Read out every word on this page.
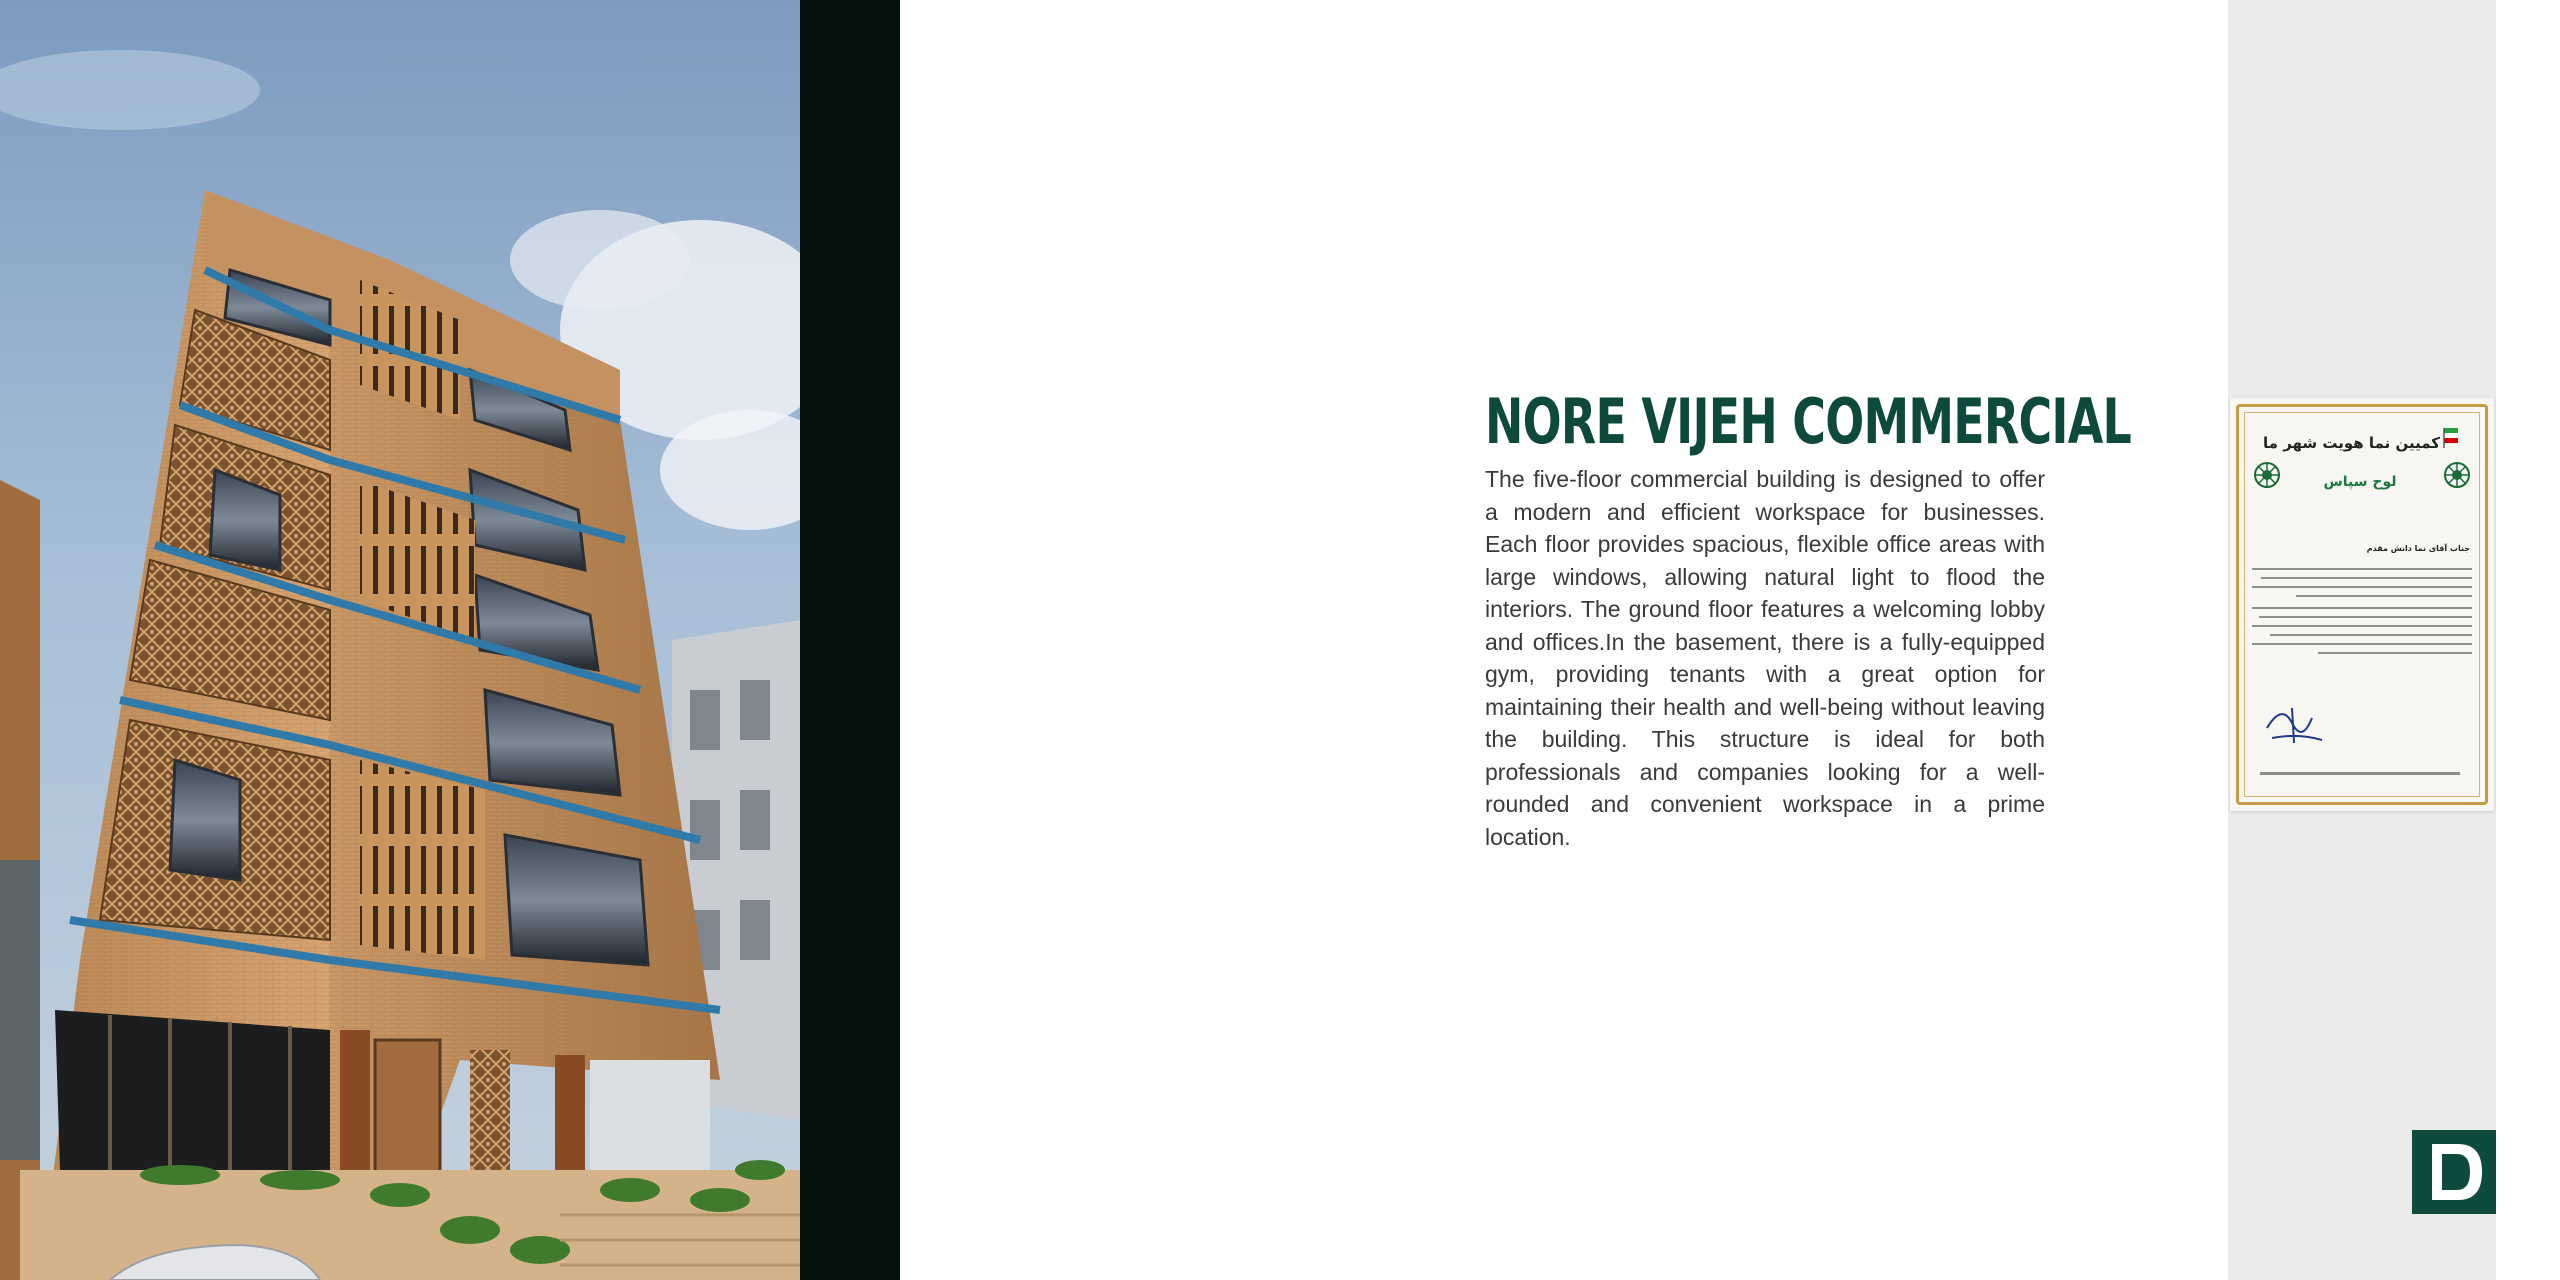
NORE VIJEH COMMERCIAL

The five-floor commercial building is designed to offer a modern and efficient workspace for businesses. Each floor provides spacious, flexible office areas with large windows, allowing natural light to flood the interiors. The ground floor features a welcoming lobby and offices.In the basement, there is a fully-equipped gym, providing tenants with a great option for maintaining their health and well-being without leaving the building. This structure is ideal for both professionals and companies looking for a well-rounded and convenient workspace in a prime location.

کمیین نما هویت شهر ما
لوح سپاس
جناب آقای نما دانش مقدم
